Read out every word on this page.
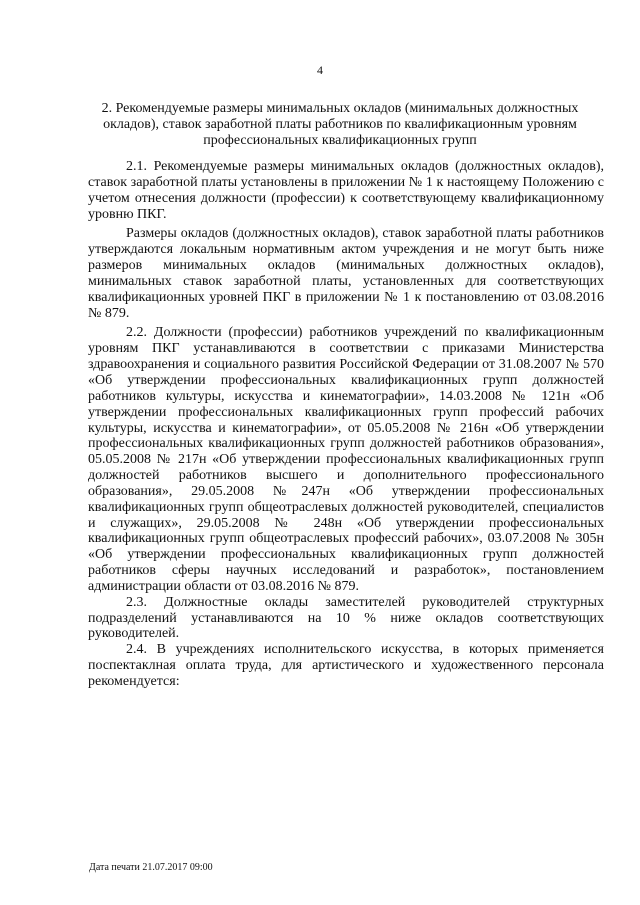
4
2. Рекомендуемые размеры минимальных окладов (минимальных должностных окладов), ставок заработной платы работников по квалификационным уровням профессиональных квалификационных групп

2.1. Рекомендуемые размеры минимальных окладов (должностных окладов), ставок заработной платы установлены в приложении № 1 к настоящему Положению с учетом отнесения должности (профессии) к соответствующему квалификационному уровню ПКГ.

Размеры окладов (должностных окладов), ставок заработной платы работников утверждаются локальным нормативным актом учреждения и не могут быть ниже размеров минимальных окладов (минимальных должностных окладов), минимальных ставок заработной платы, установленных для соответствующих квалификационных уровней ПКГ в приложении № 1 к постановлению от 03.08.2016 № 879.

2.2. Должности (профессии) работников учреждений по квалификационным уровням ПКГ устанавливаются в соответствии с приказами Министерства здравоохранения и социального развития Российской Федерации от 31.08.2007 № 570 «Об утверждении профессиональных квалификационных групп должностей работников культуры, искусства и кинематографии», 14.03.2008 № 121н «Об утверждении профессиональных квалификационных групп профессий рабочих культуры, искусства и кинематографии», от 05.05.2008 № 216н «Об утверждении профессиональных квалификационных групп должностей работников образования», 05.05.2008 № 217н «Об утверждении профессиональных квалификационных групп должностей работников высшего и дополнительного профессионального образования», 29.05.2008 №247н «Об утверждении профессиональных квалификационных групп общеотраслевых должностей руководителей, специалистов и служащих», 29.05.2008 № 248н «Об утверждении профессиональных квалификационных групп общеотраслевых профессий рабочих», 03.07.2008 № 305н «Об утверждении профессиональных квалификационных групп должностей работников сферы научных исследований и разработок», постановлением администрации области от 03.08.2016 № 879.

2.3. Должностные оклады заместителей руководителей структурных подразделений устанавливаются на 10 % ниже окладов соответствующих руководителей.

2.4. В учреждениях исполнительского искусства, в которых применяется поспектаклная оплата труда, для артистического и художественного персонала рекомендуется:

Дата печати 21.07.2017 09:00
